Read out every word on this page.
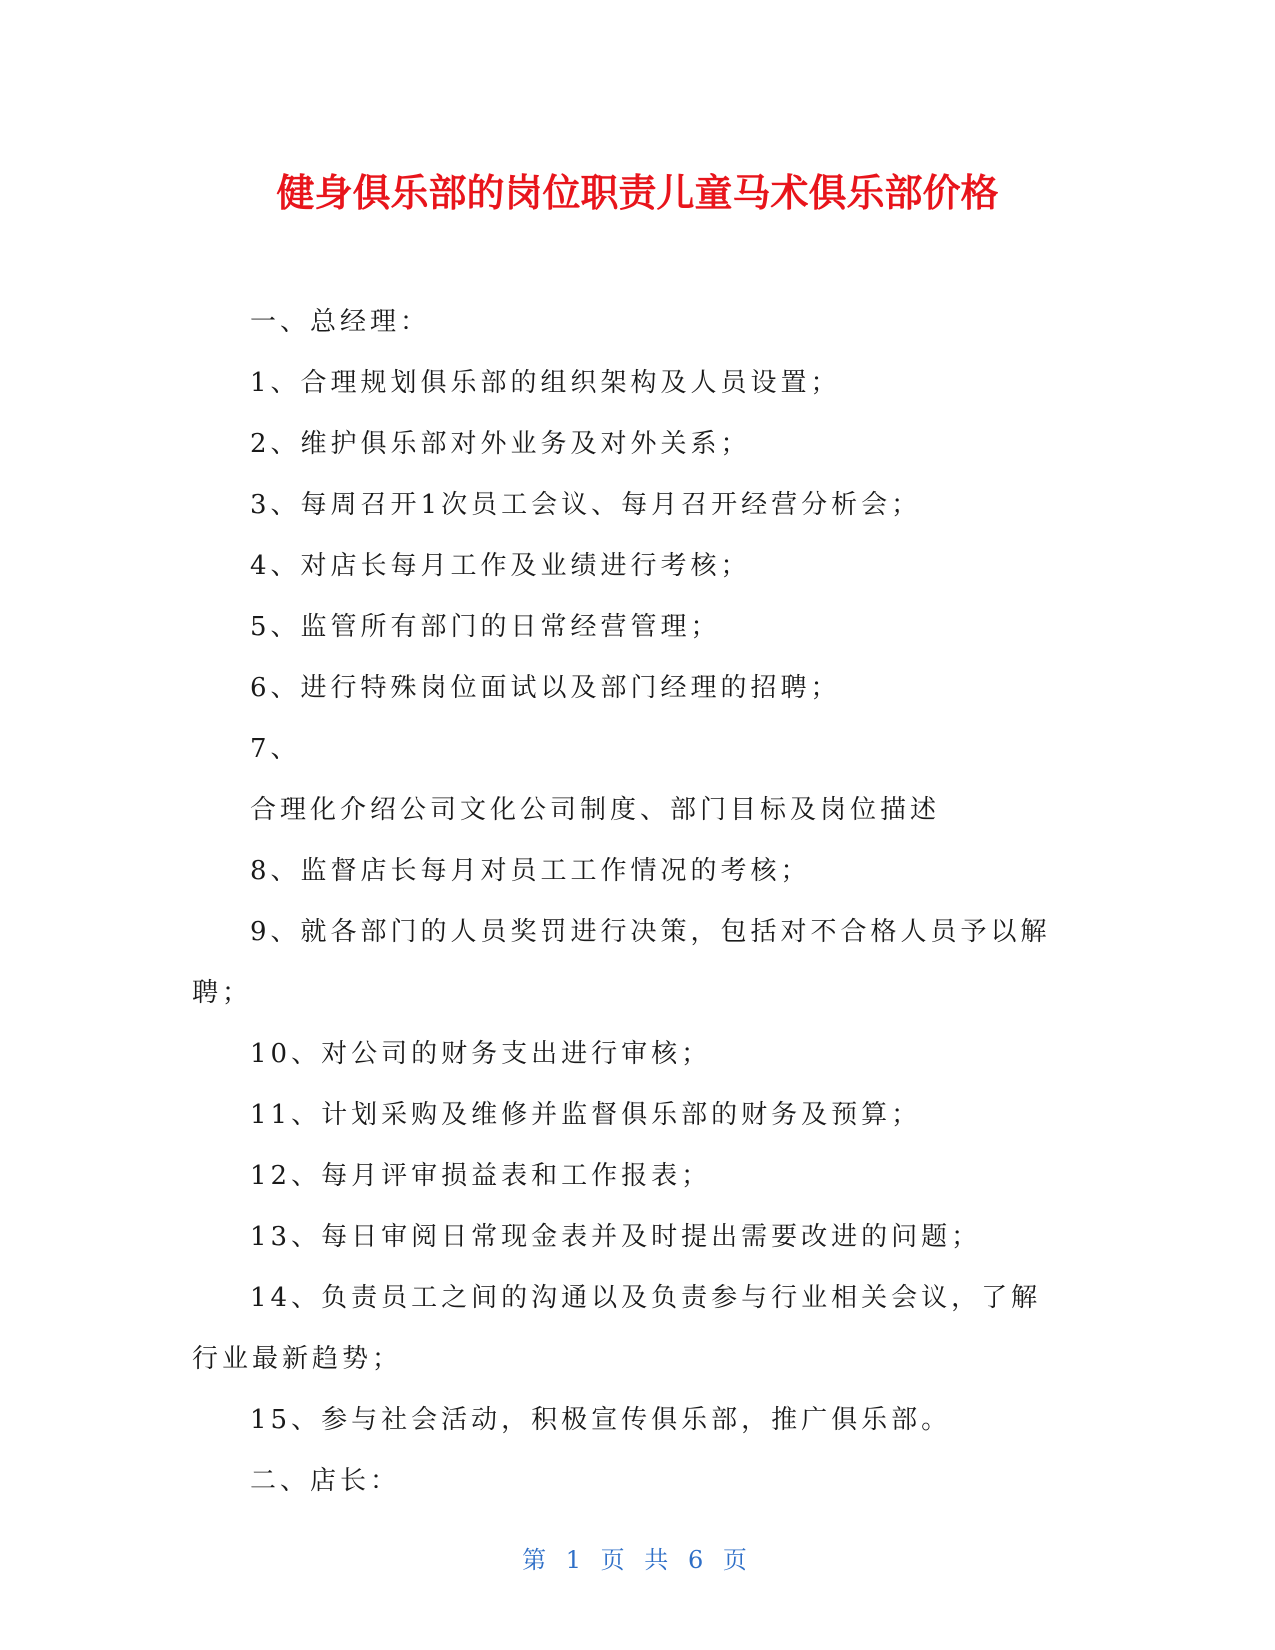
健身俱乐部的岗位职责儿童马术俱乐部价格

一、总经理：

1、合理规划俱乐部的组织架构及人员设置；

2、维护俱乐部对外业务及对外关系；

3、每周召开1次员工会议、每月召开经营分析会；

4、对店长每月工作及业绩进行考核；

5、监管所有部门的日常经营管理；

6、进行特殊岗位面试以及部门经理的招聘；

7、

合理化介绍公司文化公司制度、部门目标及岗位描述

8、监督店长每月对员工工作情况的考核；

9、就各部门的人员奖罚进行决策，包括对不合格人员予以解

聘；

10、对公司的财务支出进行审核；

11、计划采购及维修并监督俱乐部的财务及预算；

12、每月评审损益表和工作报表；

13、每日审阅日常现金表并及时提出需要改进的问题；

14、负责员工之间的沟通以及负责参与行业相关会议，了解

行业最新趋势；

15、参与社会活动，积极宣传俱乐部，推广俱乐部。

二、店长：

第 1 页 共 6 页
